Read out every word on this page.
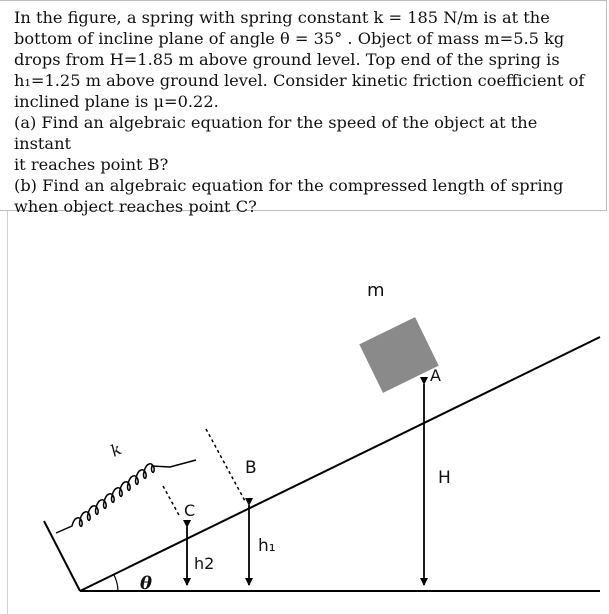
In the figure, a spring with spring constant k = 185 N/m is at the

bottom of incline plane of angle θ = 35° . Object of mass m=5.5 kg

drops from H=1.85 m above ground level. Top end of the spring is

h₁=1.25 m above ground level. Consider kinetic friction coefficient of

inclined plane is μ=0.22.

(a) Find an algebraic equation for the speed of the object at the instant

it reaches point B?

(b) Find an algebraic equation for the compressed length of spring

when object reaches point C?

k
B
C
A
m
H
h₁
h2
θ
